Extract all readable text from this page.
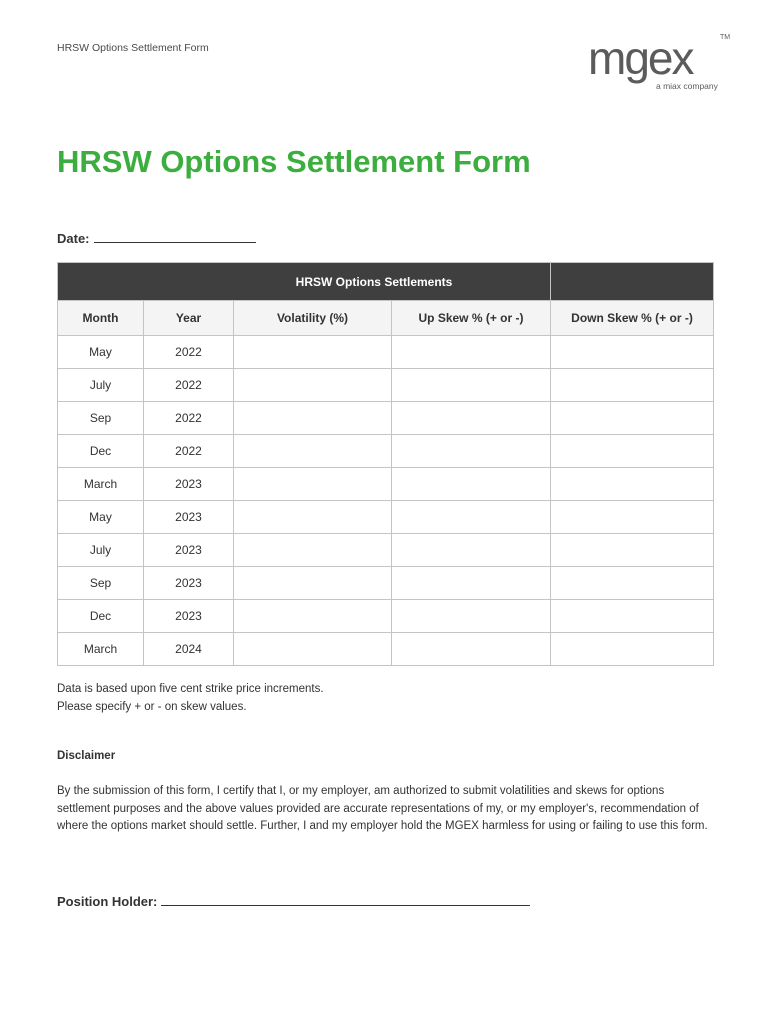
HRSW Options Settlement Form	mgex	TM
a miax company
HRSW Options Settlement Form
Date:
HRSW Options Settlements				
Month	Year	Volatility (%)	Up Skew % (+ or -)	Down Skew % (+ or -)
May	2022			
July	2022			
Sep	2022			
Dec	2022			
March	2023			
May	2023			
July	2023			
Sep	2023			
Dec	2023			
March	2024			
Data is based upon five cent strike price increments.
Please specify + or - on skew values.
Disclaimer
By the submission of this form, I certify that I, or my employer, am authorized to submit volatilities and skews for options settlement purposes and the above values provided are accurate representations of my, or my employer's, recommendation of where the options market should settle. Further, I and my employer hold the MGEX harmless for using or failing to use this form.
Position Holder:
